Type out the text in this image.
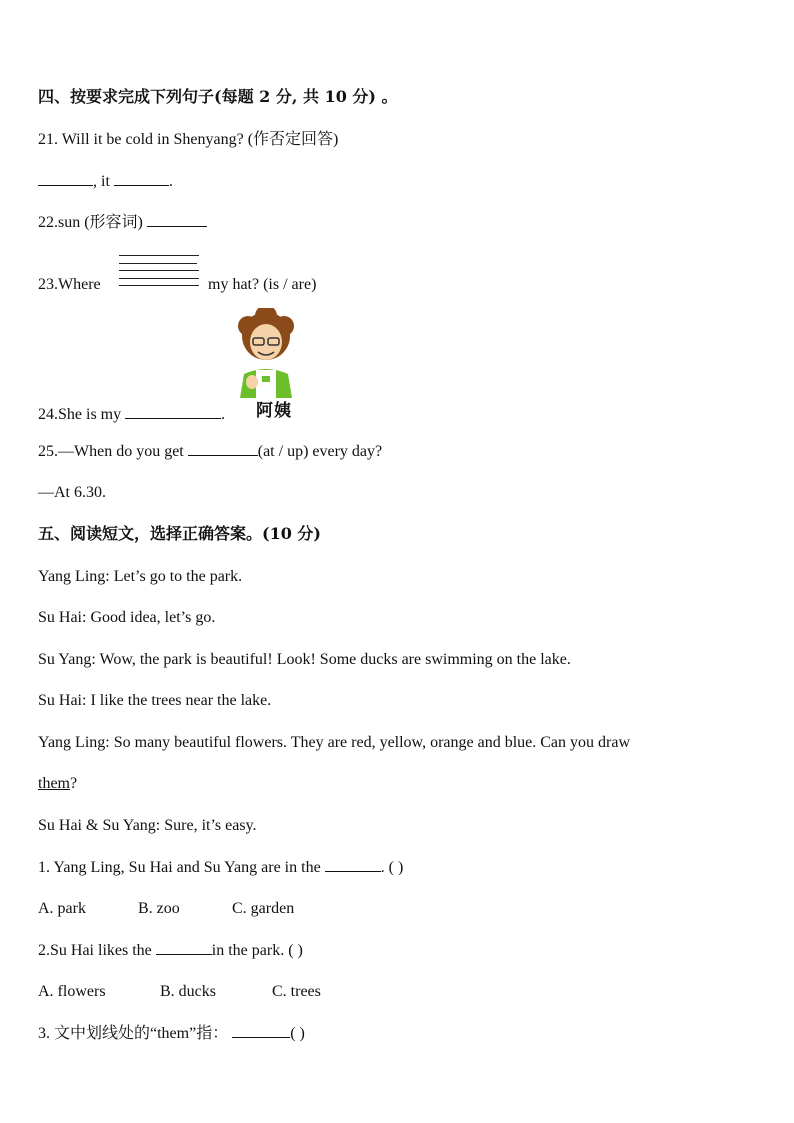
四、按要求完成下列句子(每题 2 分, 共 10 分) 。
21. Will it be cold in Shenyang? (作否定回答)
, it	.
22.sun (形容词)
23.Where	my hat? (is / are)
阿姨
24.She is my	.
25.—When do you get	(at / up) every day?
—At 6.30.
五、阅读短文，选择正确答案。(10 分)
Yang Ling: Let’s go to the park.
Su Hai: Good idea, let’s go.
Su Yang: Wow, the park is beautiful! Look! Some ducks are swimming on the lake.
Su Hai: I like the trees near the lake.
Yang Ling: So many beautiful flowers. They are red, yellow, orange and blue. Can you draw
them?
Su Hai & Su Yang: Sure, it’s easy.
1. Yang Ling, Su Hai and Su Yang are in the	. ( )
A. park	B. zoo	C. garden
2.Su Hai likes the	in the park. ( )
A. flowers	B. ducks	C. trees
3. 文中划线处的“them”指：	( )
